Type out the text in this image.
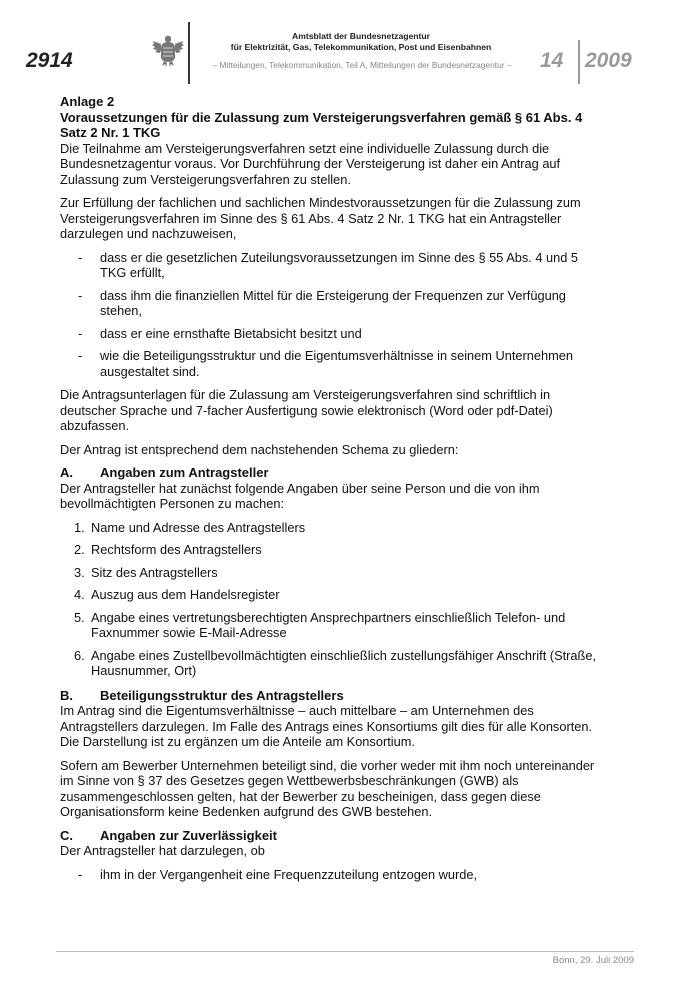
2914
Amtsblatt der Bundesnetzagentur
für Elektrizität, Gas, Telekommunikation, Post und Eisenbahnen
– Mitteilungen, Telekommunikation, Teil A, Mitteilungen der Bundesnetzagentur –	14 2009

Anlage 2

Voraussetzungen für die Zulassung zum Versteigerungsverfahren gemäß § 61 Abs. 4 Satz 2 Nr. 1 TKG

Die Teilnahme am Versteigerungsverfahren setzt eine individuelle Zulassung durch die Bundesnetzagentur voraus. Vor Durchführung der Versteigerung ist daher ein Antrag auf Zulassung zum Versteigerungsverfahren zu stellen.

Zur Erfüllung der fachlichen und sachlichen Mindestvoraussetzungen für die Zulassung zum Versteigerungsverfahren im Sinne des § 61 Abs. 4 Satz 2 Nr. 1 TKG hat ein Antragsteller darzulegen und nachzuweisen,

- dass er die gesetzlichen Zuteilungsvoraussetzungen im Sinne des § 55 Abs. 4 und 5 TKG erfüllt,
- dass ihm die finanziellen Mittel für die Ersteigerung der Frequenzen zur Verfügung stehen,
- dass er eine ernsthafte Bietabsicht besitzt und
- wie die Beteiligungsstruktur und die Eigentumsverhältnisse in seinem Unternehmen ausgestaltet sind.

Die Antragsunterlagen für die Zulassung am Versteigerungsverfahren sind schriftlich in deutscher Sprache und 7-facher Ausfertigung sowie elektronisch (Word oder pdf-Datei) abzufassen.

Der Antrag ist entsprechend dem nachstehenden Schema zu gliedern:

A. Angaben zum Antragsteller

Der Antragsteller hat zunächst folgende Angaben über seine Person und die von ihm bevollmächtigten Personen zu machen:

1. Name und Adresse des Antragstellers
2. Rechtsform des Antragstellers
3. Sitz des Antragstellers
4. Auszug aus dem Handelsregister
5. Angabe eines vertretungsberechtigten Ansprechpartners einschließlich Telefon- und Faxnummer sowie E-Mail-Adresse
6. Angabe eines Zustellbevollmächtigten einschließlich zustellungsfähiger Anschrift (Straße, Hausnummer, Ort)

B. Beteiligungsstruktur des Antragstellers

Im Antrag sind die Eigentumsverhältnisse – auch mittelbare – am Unternehmen des Antragstellers darzulegen. Im Falle des Antrags eines Konsortiums gilt dies für alle Konsorten. Die Darstellung ist zu ergänzen um die Anteile am Konsortium.

Sofern am Bewerber Unternehmen beteiligt sind, die vorher weder mit ihm noch untereinander im Sinne von § 37 des Gesetzes gegen Wettbewerbsbeschränkungen (GWB) als zusammengeschlossen gelten, hat der Bewerber zu bescheinigen, dass gegen diese Organisationsform keine Bedenken aufgrund des GWB bestehen.

C. Angaben zur Zuverlässigkeit

Der Antragsteller hat darzulegen, ob

- ihm in der Vergangenheit eine Frequenzzuteilung entzogen wurde,
Bonn, 29. Juli 2009
